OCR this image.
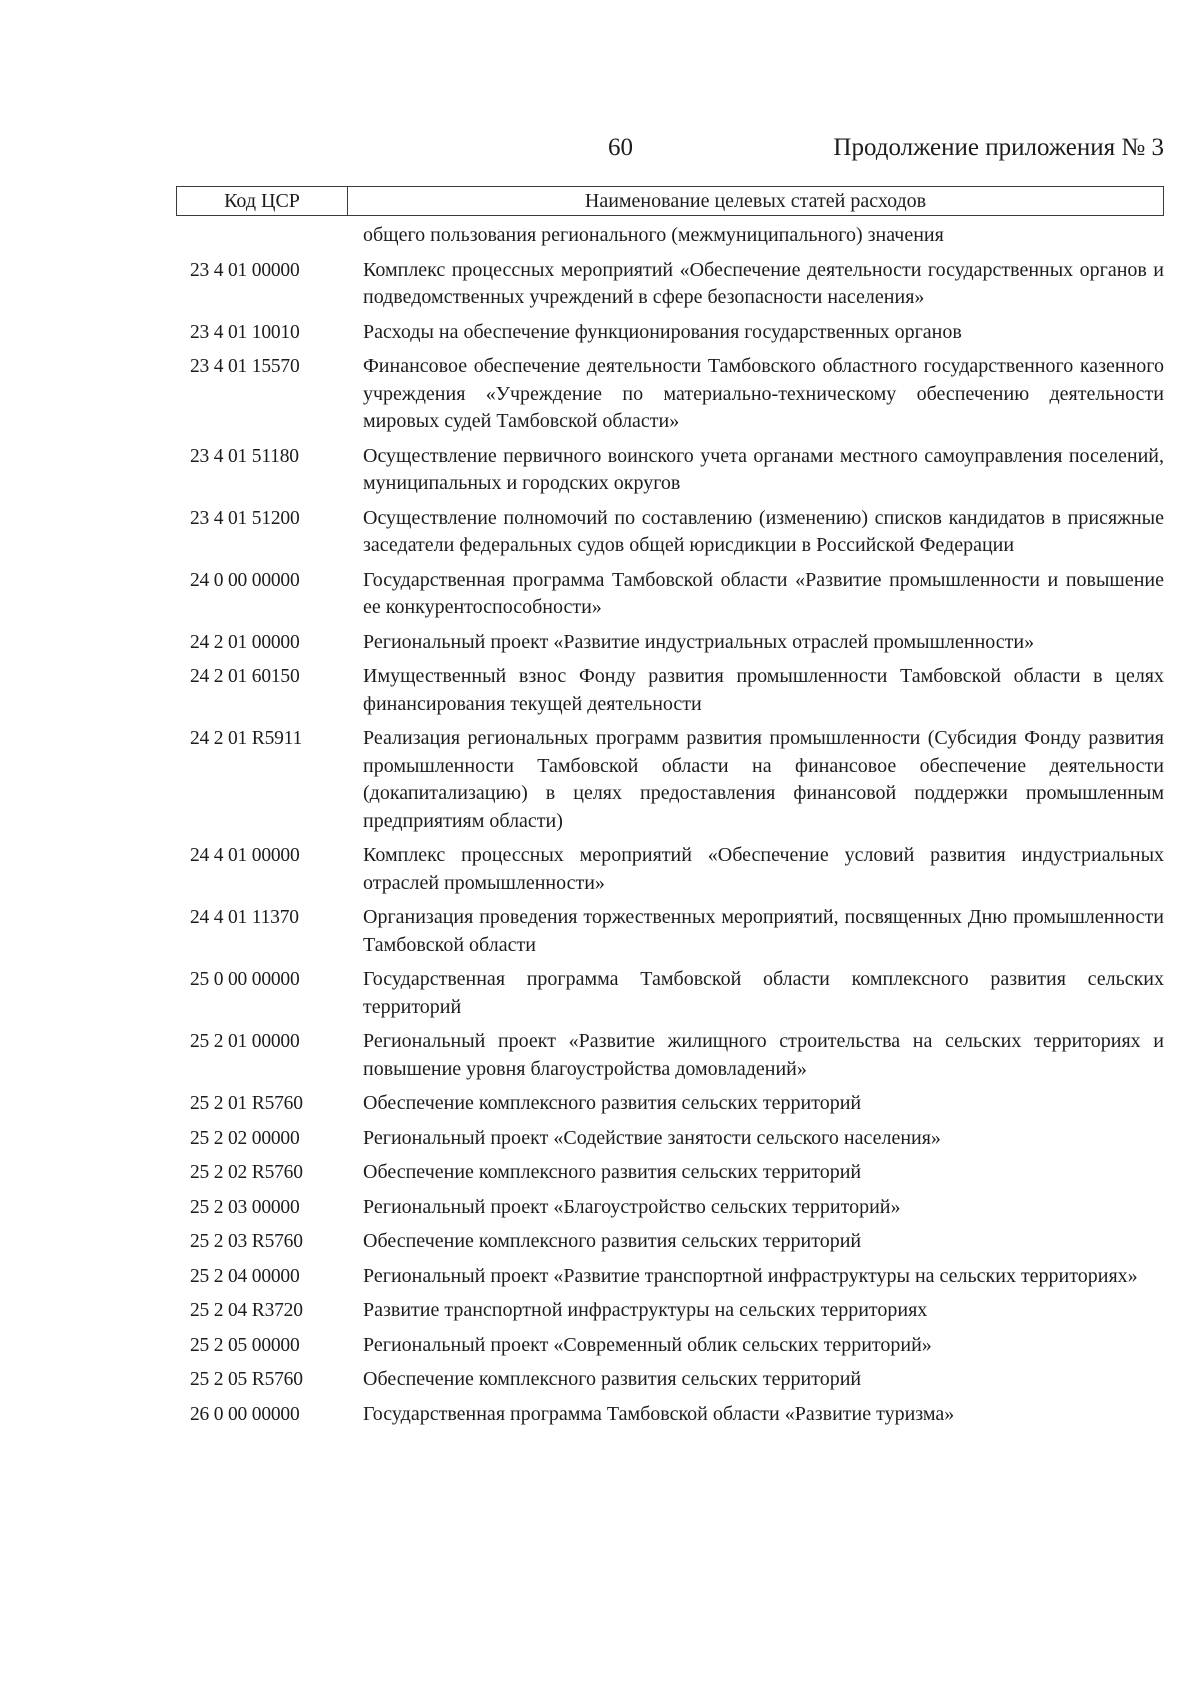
60	Продолжение приложения № 3
Код ЦСР	Наименование целевых статей расходов
общего пользования регионального (межмуниципального) значения
23 4 01 00000	Комплекс процессных мероприятий «Обеспечение деятельности государственных органов и подведомственных учреждений в сфере безопасности населения»
23 4 01 10010	Расходы на обеспечение функционирования государственных органов
23 4 01 15570	Финансовое обеспечение деятельности Тамбовского областного государственного казенного учреждения «Учреждение по материально-техническому обеспечению деятельности мировых судей Тамбовской области»
23 4 01 51180	Осуществление первичного воинского учета органами местного самоуправления поселений, муниципальных и городских округов
23 4 01 51200	Осуществление полномочий по составлению (изменению) списков кандидатов в присяжные заседатели федеральных судов общей юрисдикции в Российской Федерации
24 0 00 00000	Государственная программа Тамбовской области «Развитие промышленности и повышение ее конкурентоспособности»
24 2 01 00000	Региональный проект «Развитие индустриальных отраслей промышленности»
24 2 01 60150	Имущественный взнос Фонду развития промышленности Тамбовской области в целях финансирования текущей деятельности
24 2 01 R5911	Реализация региональных программ развития промышленности (Субсидия Фонду развития промышленности Тамбовской области на финансовое обеспечение деятельности (докапитализацию) в целях предоставления финансовой поддержки промышленным предприятиям области)
24 4 01 00000	Комплекс процессных мероприятий «Обеспечение условий развития индустриальных отраслей промышленности»
24 4 01 11370	Организация проведения торжественных мероприятий, посвященных Дню промышленности Тамбовской области
25 0 00 00000	Государственная программа Тамбовской области комплексного развития сельских территорий
25 2 01 00000	Региональный проект «Развитие жилищного строительства на сельских территориях и повышение уровня благоустройства домовладений»
25 2 01 R5760	Обеспечение комплексного развития сельских территорий
25 2 02 00000	Региональный проект «Содействие занятости сельского населения»
25 2 02 R5760	Обеспечение комплексного развития сельских территорий
25 2 03 00000	Региональный проект «Благоустройство сельских территорий»
25 2 03 R5760	Обеспечение комплексного развития сельских территорий
25 2 04 00000	Региональный проект «Развитие транспортной инфраструктуры на сельских территориях»
25 2 04 R3720	Развитие транспортной инфраструктуры на сельских территориях
25 2 05 00000	Региональный проект «Современный облик сельских территорий»
25 2 05 R5760	Обеспечение комплексного развития сельских территорий
26 0 00 00000	Государственная программа Тамбовской области «Развитие туризма»
